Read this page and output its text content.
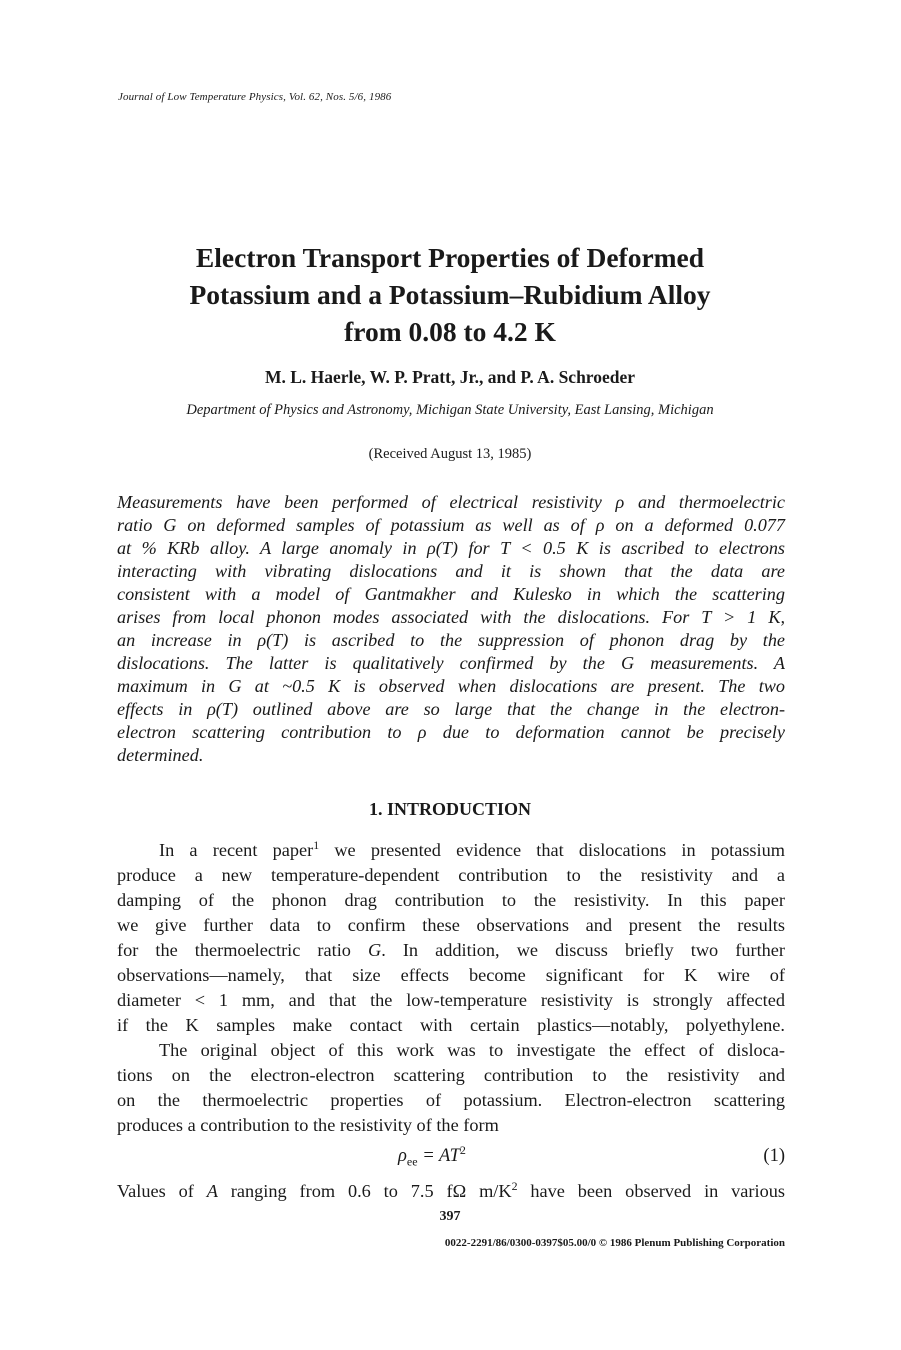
Journal of Low Temperature Physics, Vol. 62, Nos. 5/6, 1986
Electron Transport Properties of Deformed
Potassium and a Potassium–Rubidium Alloy
from 0.08 to 4.2 K
M. L. Haerle, W. P. Pratt, Jr., and P. A. Schroeder
Department of Physics and Astronomy, Michigan State University, East Lansing, Michigan
(Received August 13, 1985)
Measurements have been performed of electrical resistivity ρ and thermoelectric
ratio G on deformed samples of potassium as well as of ρ on a deformed 0.077
at % KRb alloy. A large anomaly in ρ(T) for T < 0.5 K is ascribed to electrons
interacting with vibrating dislocations and it is shown that the data are
consistent with a model of Gantmakher and Kulesko in which the scattering
arises from local phonon modes associated with the dislocations. For T > 1 K,
an increase in ρ(T) is ascribed to the suppression of phonon drag by the
dislocations. The latter is qualitatively confirmed by the G measurements. A
maximum in G at ~0.5 K is observed when dislocations are present. The two
effects in ρ(T) outlined above are so large that the change in the electron-
electron scattering contribution to ρ due to deformation cannot be precisely
determined.
1. INTRODUCTION
In a recent paper$^1$ we presented evidence that dislocations in potassium
produce a new temperature-dependent contribution to the resistivity and a
damping of the phonon drag contribution to the resistivity. In this paper
we give further data to confirm these observations and present the results
for the thermoelectric ratio G. In addition, we discuss briefly two further
observations—namely, that size effects become significant for K wire of
diameter < 1 mm, and that the low-temperature resistivity is strongly affected
if the K samples make contact with certain plastics—notably, polyethylene.
The original object of this work was to investigate the effect of disloca-
tions on the electron-electron scattering contribution to the resistivity and
on the thermoelectric properties of potassium. Electron-electron scattering
produces a contribution to the resistivity of the form
$\rho_{ee} = AT^2$	(1)
Values of A ranging from 0.6 to 7.5 fΩ $m/K^2$ have been observed in various
397
0022-2291/86/0300-0397$05.00/0 © 1986 Plenum Publishing Corporation
